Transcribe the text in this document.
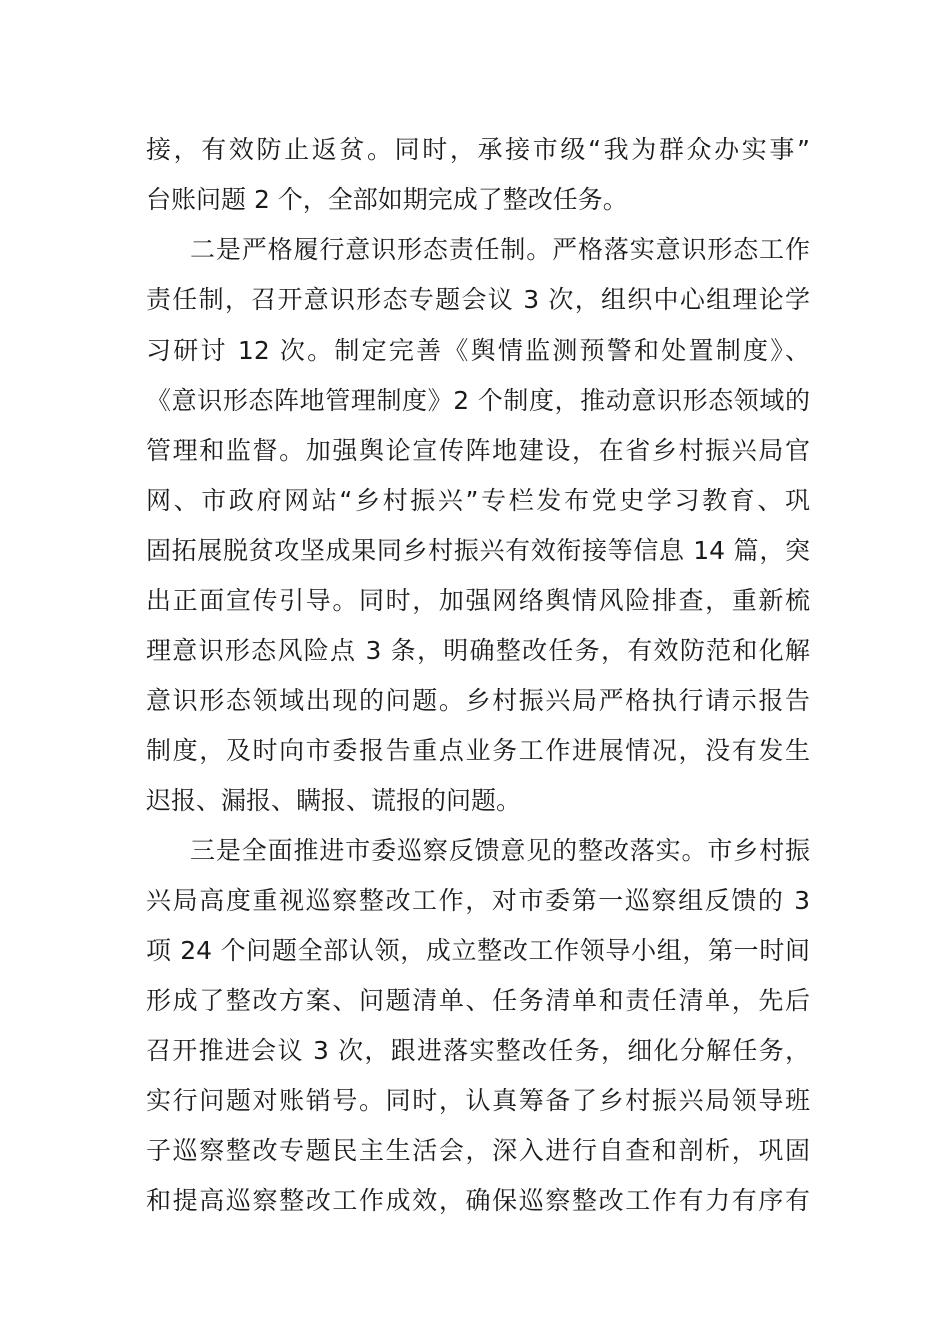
接，有效防止返贫。同时，承接市级“我为群众办实事”
台账问题 2 个，全部如期完成了整改任务。
二是严格履行意识形态责任制。严格落实意识形态工作
责任制，召开意识形态专题会议 3 次，组织中心组理论学
习研讨 12 次。制定完善《舆情监测预警和处置制度》、
《意识形态阵地管理制度》2 个制度，推动意识形态领域的
管理和监督。加强舆论宣传阵地建设，在省乡村振兴局官
网、市政府网站“乡村振兴”专栏发布党史学习教育、巩
固拓展脱贫攻坚成果同乡村振兴有效衔接等信息 14 篇，突
出正面宣传引导。同时，加强网络舆情风险排查，重新梳
理意识形态风险点 3 条，明确整改任务，有效防范和化解
意识形态领域出现的问题。乡村振兴局严格执行请示报告
制度，及时向市委报告重点业务工作进展情况，没有发生
迟报、漏报、瞒报、谎报的问题。
三是全面推进市委巡察反馈意见的整改落实。市乡村振
兴局高度重视巡察整改工作，对市委第一巡察组反馈的 3
项 24 个问题全部认领，成立整改工作领导小组，第一时间
形成了整改方案、问题清单、任务清单和责任清单，先后
召开推进会议 3 次，跟进落实整改任务，细化分解任务，
实行问题对账销号。同时，认真筹备了乡村振兴局领导班
子巡察整改专题民主生活会，深入进行自查和剖析，巩固
和提高巡察整改工作成效，确保巡察整改工作有力有序有
